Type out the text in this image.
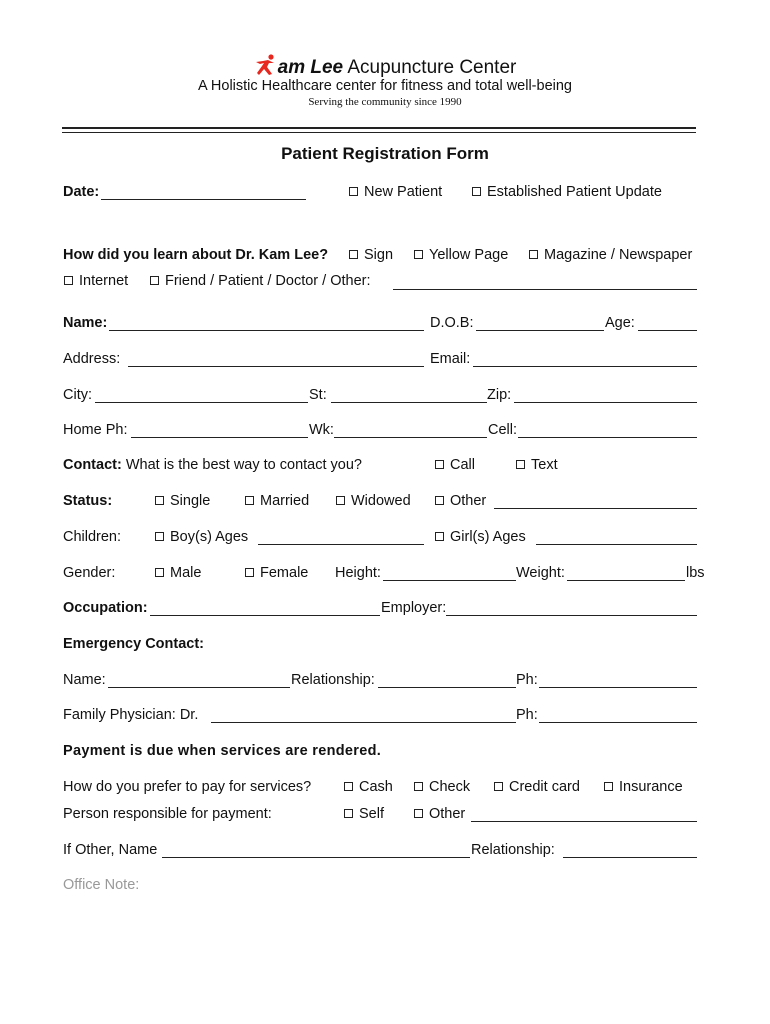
am Lee Acupuncture Center
A Holistic Healthcare center for fitness and total well-being
Serving the community since 1990
Patient Registration Form
Date:	New Patient	Established Patient Update
How did you learn about Dr. Kam Lee?	Sign	Yellow Page	Magazine / Newspaper
Internet	Friend / Patient / Doctor / Other:
Name:	D.O.B:	Age:
Address:	Email:
City:	St:	Zip:
Home Ph:	Wk:	Cell:
Contact: What is the best way to contact you?	Call	Text
Status:	Single	Married	Widowed	Other
Children:	Boy(s) Ages	Girl(s) Ages
Gender:	Male	Female Height:	Weight:	lbs
Occupation:	Employer:
Emergency Contact:
Name:	Relationship:	Ph:
Family Physician: Dr.	Ph:
Payment is due when services are rendered.
How do you prefer to pay for services?	Cash	Check	Credit card	Insurance
Person responsible for payment:	Self	Other
If Other, Name	Relationship:
Office Note:
